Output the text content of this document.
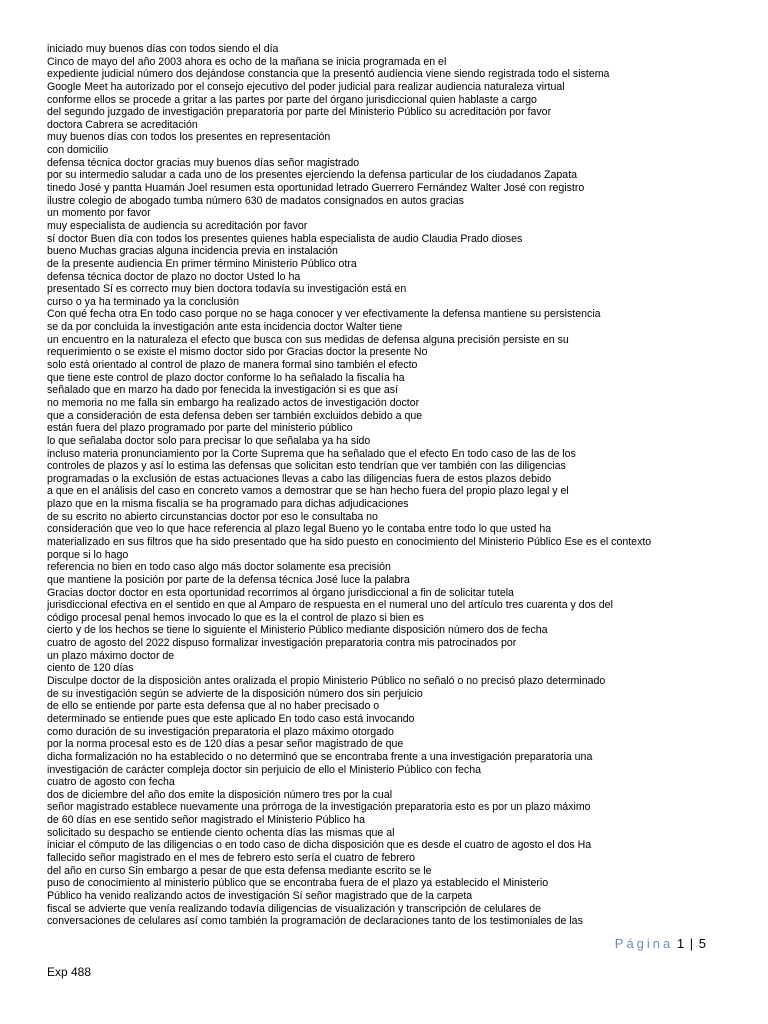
iniciado muy buenos días con todos siendo el día
Cinco de mayo del año 2003 ahora es ocho de la mañana se inicia programada en el
expediente judicial número dos dejándose constancia que la presentó audiencia viene siendo registrada todo el sistema
Google Meet ha autorizado por el consejo ejecutivo del poder judicial para realizar audiencia naturaleza virtual
conforme ellos se procede a gritar a las partes por parte del órgano jurisdiccional quien hablaste a cargo
del segundo juzgado de investigación preparatoria por parte del Ministerio Público su acreditación por favor
doctora Cabrera se acreditación
muy buenos días con todos los presentes en representación
con domicilio
defensa técnica doctor gracias muy buenos días señor magistrado
por su intermedio saludar a cada uno de los presentes ejerciendo la defensa particular de los ciudadanos Zapata
tinedo José y pantta Huamán Joel resumen esta oportunidad letrado Guerrero Fernández Walter José con registro
ilustre colegio de abogado tumba número 630 de madatos consignados en autos gracias
un momento por favor
muy especialista de audiencia su acreditación por favor
sí doctor Buen día con todos los presentes quienes habla especialista de audio Claudia Prado dioses
bueno Muchas gracias alguna incidencia previa en instalación
de la presente audiencia En primer término Ministerio Público otra
defensa técnica doctor de plazo no doctor Usted lo ha
presentado Sí es correcto muy bien doctora todavía su investigación está en
curso o ya ha terminado ya la conclusión
Con qué fecha otra En todo caso porque no se haga conocer y ver efectivamente la defensa mantiene su persistencia
se da por concluida la investigación ante esta incidencia doctor Walter tiene
un encuentro en la naturaleza el efecto que busca con sus medidas de defensa alguna precisión persiste en su
requerimiento o se existe el mismo doctor sido por Gracias doctor la presente No
solo está orientado al control de plazo de manera formal sino también el efecto
que tiene este control de plazo doctor conforme lo ha señalado la fiscalía ha
señalado que en marzo ha dado por fenecida la investigación si es que así
no memoria no me falla sin embargo ha realizado actos de investigación doctor
que a consideración de esta defensa deben ser también excluidos debido a que
están fuera del plazo programado por parte del ministerio público
lo que señalaba doctor solo para precisar lo que señalaba ya ha sido
incluso materia pronunciamiento por la Corte Suprema que ha señalado que el efecto En todo caso de las de los
controles de plazos y así lo estima las defensas que solicitan esto tendrían que ver también con las diligencias
programadas o la exclusión de estas actuaciones llevas a cabo las diligencias fuera de estos plazos debido
a que en el análisis del caso en concreto vamos a demostrar que se han hecho fuera del propio plazo legal y el
plazo que en la misma fiscalía se ha programado para dichas adjudicaciones
de su escrito no abierto circunstancias doctor por eso le consultaba no
consideración que veo lo que hace referencia al plazo legal Bueno yo le contaba entre todo lo que usted ha
materializado en sus filtros que ha sido presentado que ha sido puesto en conocimiento del Ministerio Público Ese es el contexto
porque si lo hago
referencia no bien en todo caso algo más doctor solamente esa precisión
que mantiene la posición por parte de la defensa técnica José luce la palabra
Gracias doctor doctor en esta oportunidad recorrimos al órgano jurisdiccional a fin de solicitar tutela
jurisdiccional efectiva en el sentido en que al Amparo de respuesta en el numeral uno del artículo tres cuarenta y dos del
código procesal penal hemos invocado lo que es la el control de plazo si bien es
cierto y de los hechos se tiene lo siguiente el Ministerio Público mediante disposición número dos de fecha
cuatro de agosto del 2022 dispuso formalizar investigación preparatoria contra mis patrocinados por
un plazo máximo doctor de
ciento de 120 días
Disculpe doctor de la disposición antes oralizada el propio Ministerio Público no señaló o no precisó plazo determinado
de su investigación según se advierte de la disposición número dos sin perjuicio
de ello se entiende por parte esta defensa que al no haber precisado o
determinado se entiende pues que este aplicado En todo caso está invocando
como duración de su investigación preparatoria el plazo máximo otorgado
por la norma procesal esto es de 120 días a pesar señor magistrado de que
dicha formalización no ha establecido o no determinó que se encontraba frente a una investigación preparatoria una
investigación de carácter compleja doctor sin perjuicio de ello el Ministerio Público con fecha
cuatro de agosto con fecha
dos de diciembre del año dos emite la disposición número tres por la cual
señor magistrado establece nuevamente una prórroga de la investigación preparatoria esto es por un plazo máximo
de 60 días en ese sentido señor magistrado el Ministerio Público ha
solicitado su despacho se entiende ciento ochenta días las mismas que al
iniciar el cómputo de las diligencias o en todo caso de dicha disposición que es desde el cuatro de agosto el dos Ha
fallecido señor magistrado en el mes de febrero esto sería el cuatro de febrero
del año en curso Sin embargo a pesar de que esta defensa mediante escrito se le
puso de conocimiento al ministerio público que se encontraba fuera de el plazo ya establecido el Ministerio
Público ha venido realizando actos de investigación Sí señor magistrado que de la carpeta
fiscal se advierte que venía realizando todavía diligencias de visualización y transcripción de celulares de
conversaciones de celulares así como también la programación de declaraciones tanto de los testimoniales de las
Página 1 | 5
Exp 488
